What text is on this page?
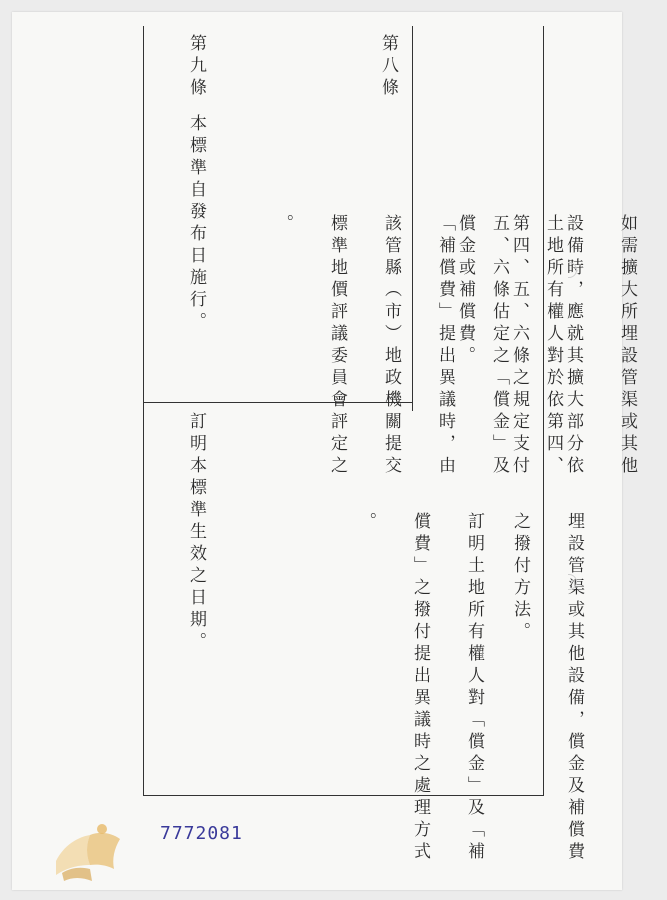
如需擴大所埋設管渠或其他

設備時，應就其擴大部分依

第四、五、六條之規定支付

償金或補償費。

埋設管渠或其他設備，償金及補償費

之撥付方法。

第八條

土地所有權人對於依第四、

五、六條估定之「償金」及

「補償費」提出異議時，由

該管縣（市）地政機關提交

標準地價評議委員會評定之

。

訂明土地所有權人對「償金」及「補

償費」之撥付提出異議時之處理方式

。

第九條
本標準自發布日施行。
訂明本標準生效之日期。
7772081
